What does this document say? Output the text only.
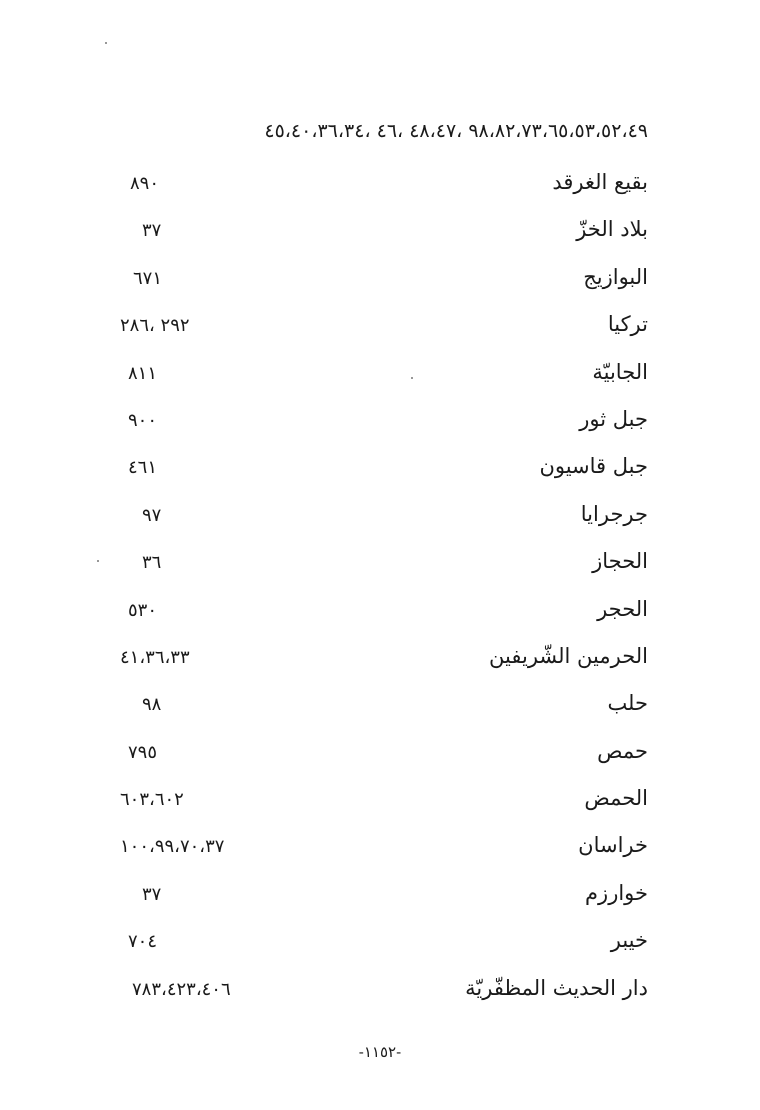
٩٨،٨٢،٧٣،٦٥،٥٣،٥٢،٤٩ ،٤٨،٤٧ ،٤٦ ،٤٥،٤٠،٣٦،٣٤
بقيع الغرقد
٨٩٠
بلاد الخزّ
٣٧
البوازيج
٦٧١
تركيا
٢٩٢ ،٢٨٦
الجابيّة
٨١١
جبل ثور
٩٠٠
جبل قاسيون
٤٦١
جرجرايا
٩٧
الحجاز
٣٦
الحجر
٥٣٠
الحرمين الشّريفين
٤١،٣٦،٣٣
حلب
٩٨
حمص
٧٩٥
الحمض
٦٠٣،٦٠٢
خراسان
١٠٠،٩٩،٧٠،٣٧
خوارزم
٣٧
خيبر
٧٠٤
دار الحديث المظفّريّة
٧٨٣،٤٢٣،٤٠٦
-١١٥٢-
